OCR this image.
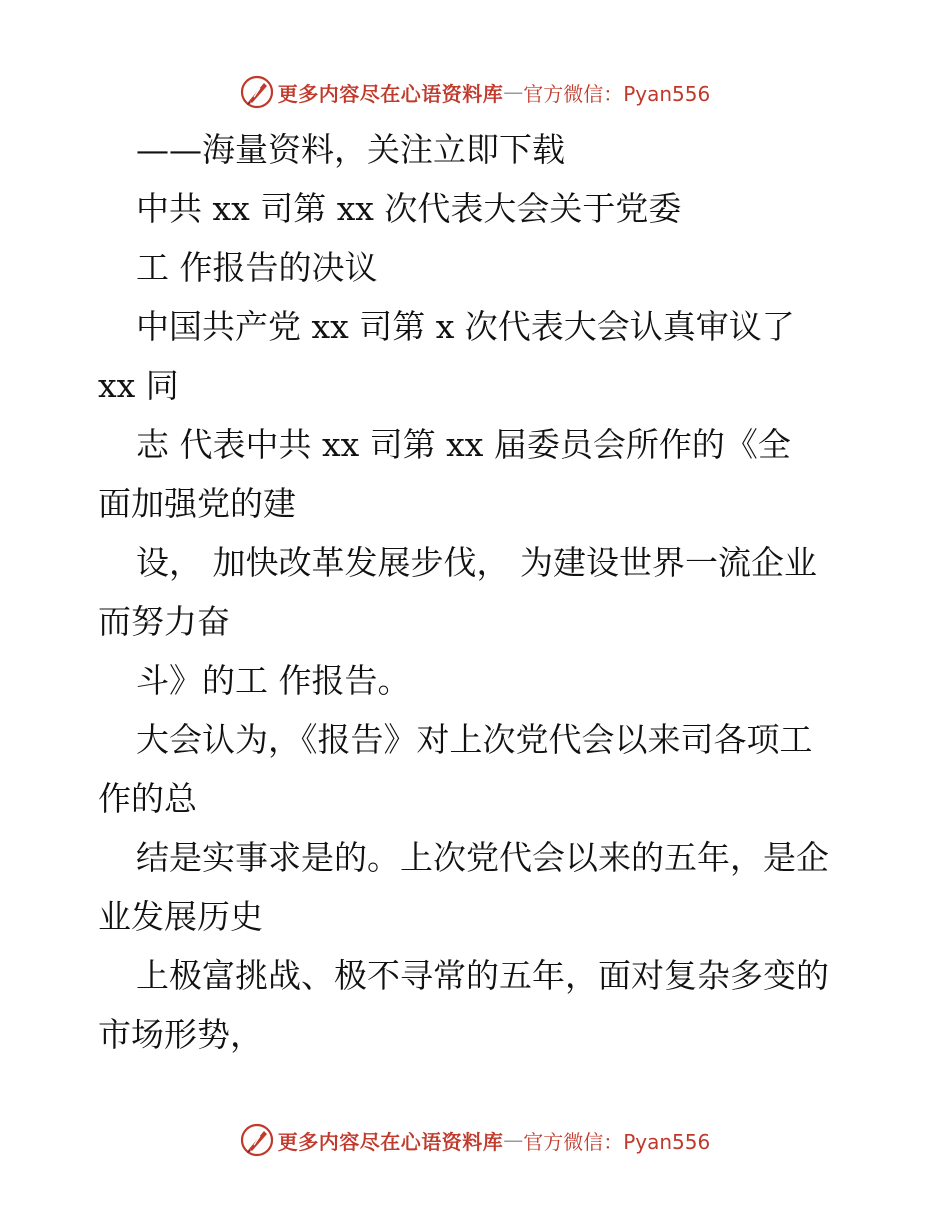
更多内容尽在心语资料库 — 官方微信：Pyan556
——海量资料，关注立即下载
中共 xx 司第 xx 次代表大会关于党委
工 作报告的决议
中国共产党 xx 司第 x 次代表大会认真审议了
xx 同
志 代表中共 xx 司第 xx 届委员会所作的《全
面加强党的建
设， 加快改革发展步伐， 为建设世界一流企业
而努力奋
斗》的工 作报告。
大会认为，《报告》对上次党代会以来司各项工
作的总
结是实事求是的。上次党代会以来的五年，是企
业发展历史
上极富挑战、极不寻常的五年，面对复杂多变的
市场形势，
更多内容尽在心语资料库 — 官方微信：Pyan556
